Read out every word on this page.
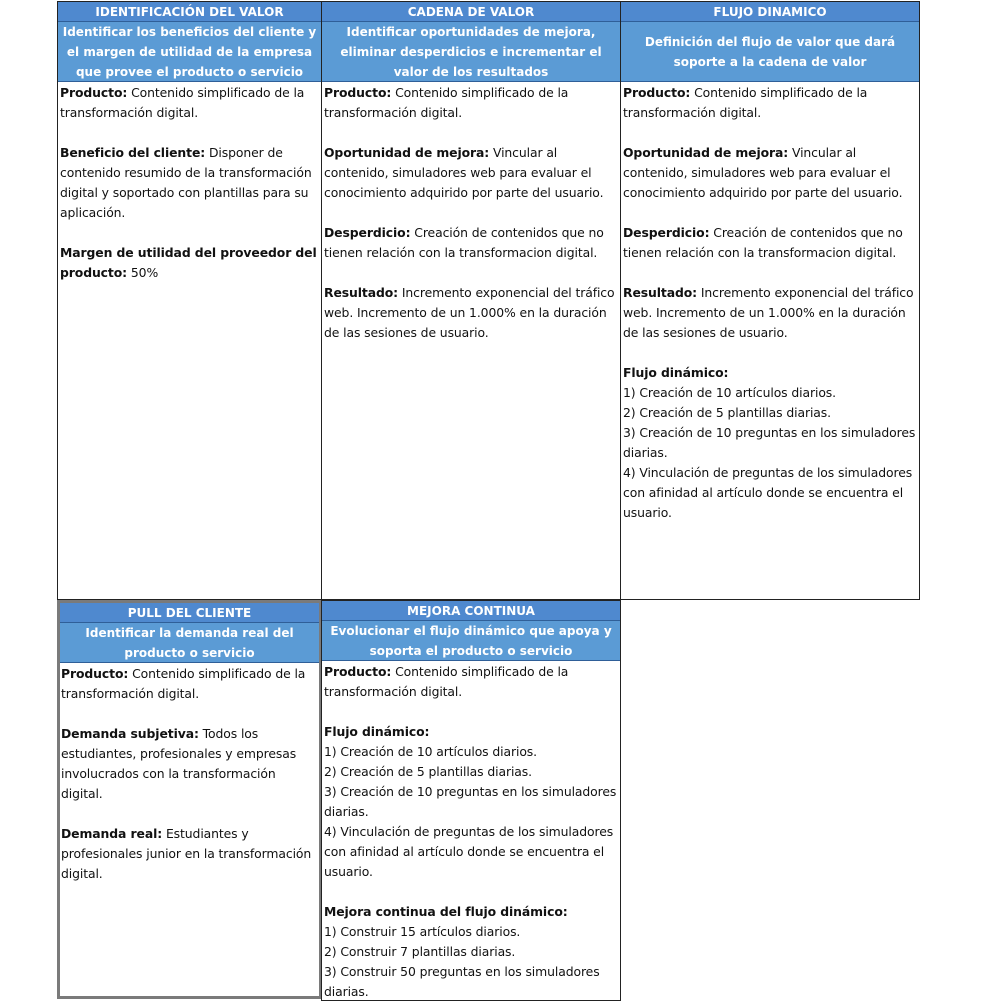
IDENTIFICACIÓN DEL VALOR
Identificar los beneficios del cliente y el margen de utilidad de la empresa que provee el producto o servicio
Producto: Contenido simplificado de la transformación digital.
Beneficio del cliente: Disponer de contenido resumido de la transformación digital y soportado con plantillas para su aplicación.
Margen de utilidad del proveedor del producto: 50%
CADENA DE VALOR
Identificar oportunidades de mejora, eliminar desperdicios e incrementar el valor de los resultados
Producto: Contenido simplificado de la transformación digital.
Oportunidad de mejora: Vincular al contenido, simuladores web para evaluar el conocimiento adquirido por parte del usuario.
Desperdicio: Creación de contenidos que no tienen relación con la transformacion digital.
Resultado: Incremento exponencial del tráfico web. Incremento de un 1.000% en la duración de las sesiones de usuario.
FLUJO DINAMICO
Definición del flujo de valor que dará soporte a la cadena de valor
Producto: Contenido simplificado de la transformación digital.
Oportunidad de mejora: Vincular al contenido, simuladores web para evaluar el conocimiento adquirido por parte del usuario.
Desperdicio: Creación de contenidos que no tienen relación con la transformacion digital.
Resultado: Incremento exponencial del tráfico web. Incremento de un 1.000% en la duración de las sesiones de usuario.
Flujo dinámico:
1) Creación de 10 artículos diarios.
2) Creación de 5 plantillas diarias.
3) Creación de 10 preguntas en los simuladores diarias.
4) Vinculación de preguntas de los simuladores con afinidad al artículo donde se encuentra el usuario.
PULL DEL CLIENTE
Identificar la demanda real del producto o servicio
Producto: Contenido simplificado de la transformación digital.
Demanda subjetiva: Todos los estudiantes, profesionales y empresas involucrados con la transformación digital.
Demanda real: Estudiantes y profesionales junior en la transformación digital.
MEJORA CONTINUA
Evolucionar el flujo dinámico que apoya y soporta el producto o servicio
Producto: Contenido simplificado de la transformación digital.
Flujo dinámico:
1) Creación de 10 artículos diarios.
2) Creación de 5 plantillas diarias.
3) Creación de 10 preguntas en los simuladores diarias.
4) Vinculación de preguntas de los simuladores con afinidad al artículo donde se encuentra el usuario.
Mejora continua del flujo dinámico:
1) Construir 15 artículos diarios.
2) Construir 7 plantillas diarias.
3) Construir 50 preguntas en los simuladores diarias.
